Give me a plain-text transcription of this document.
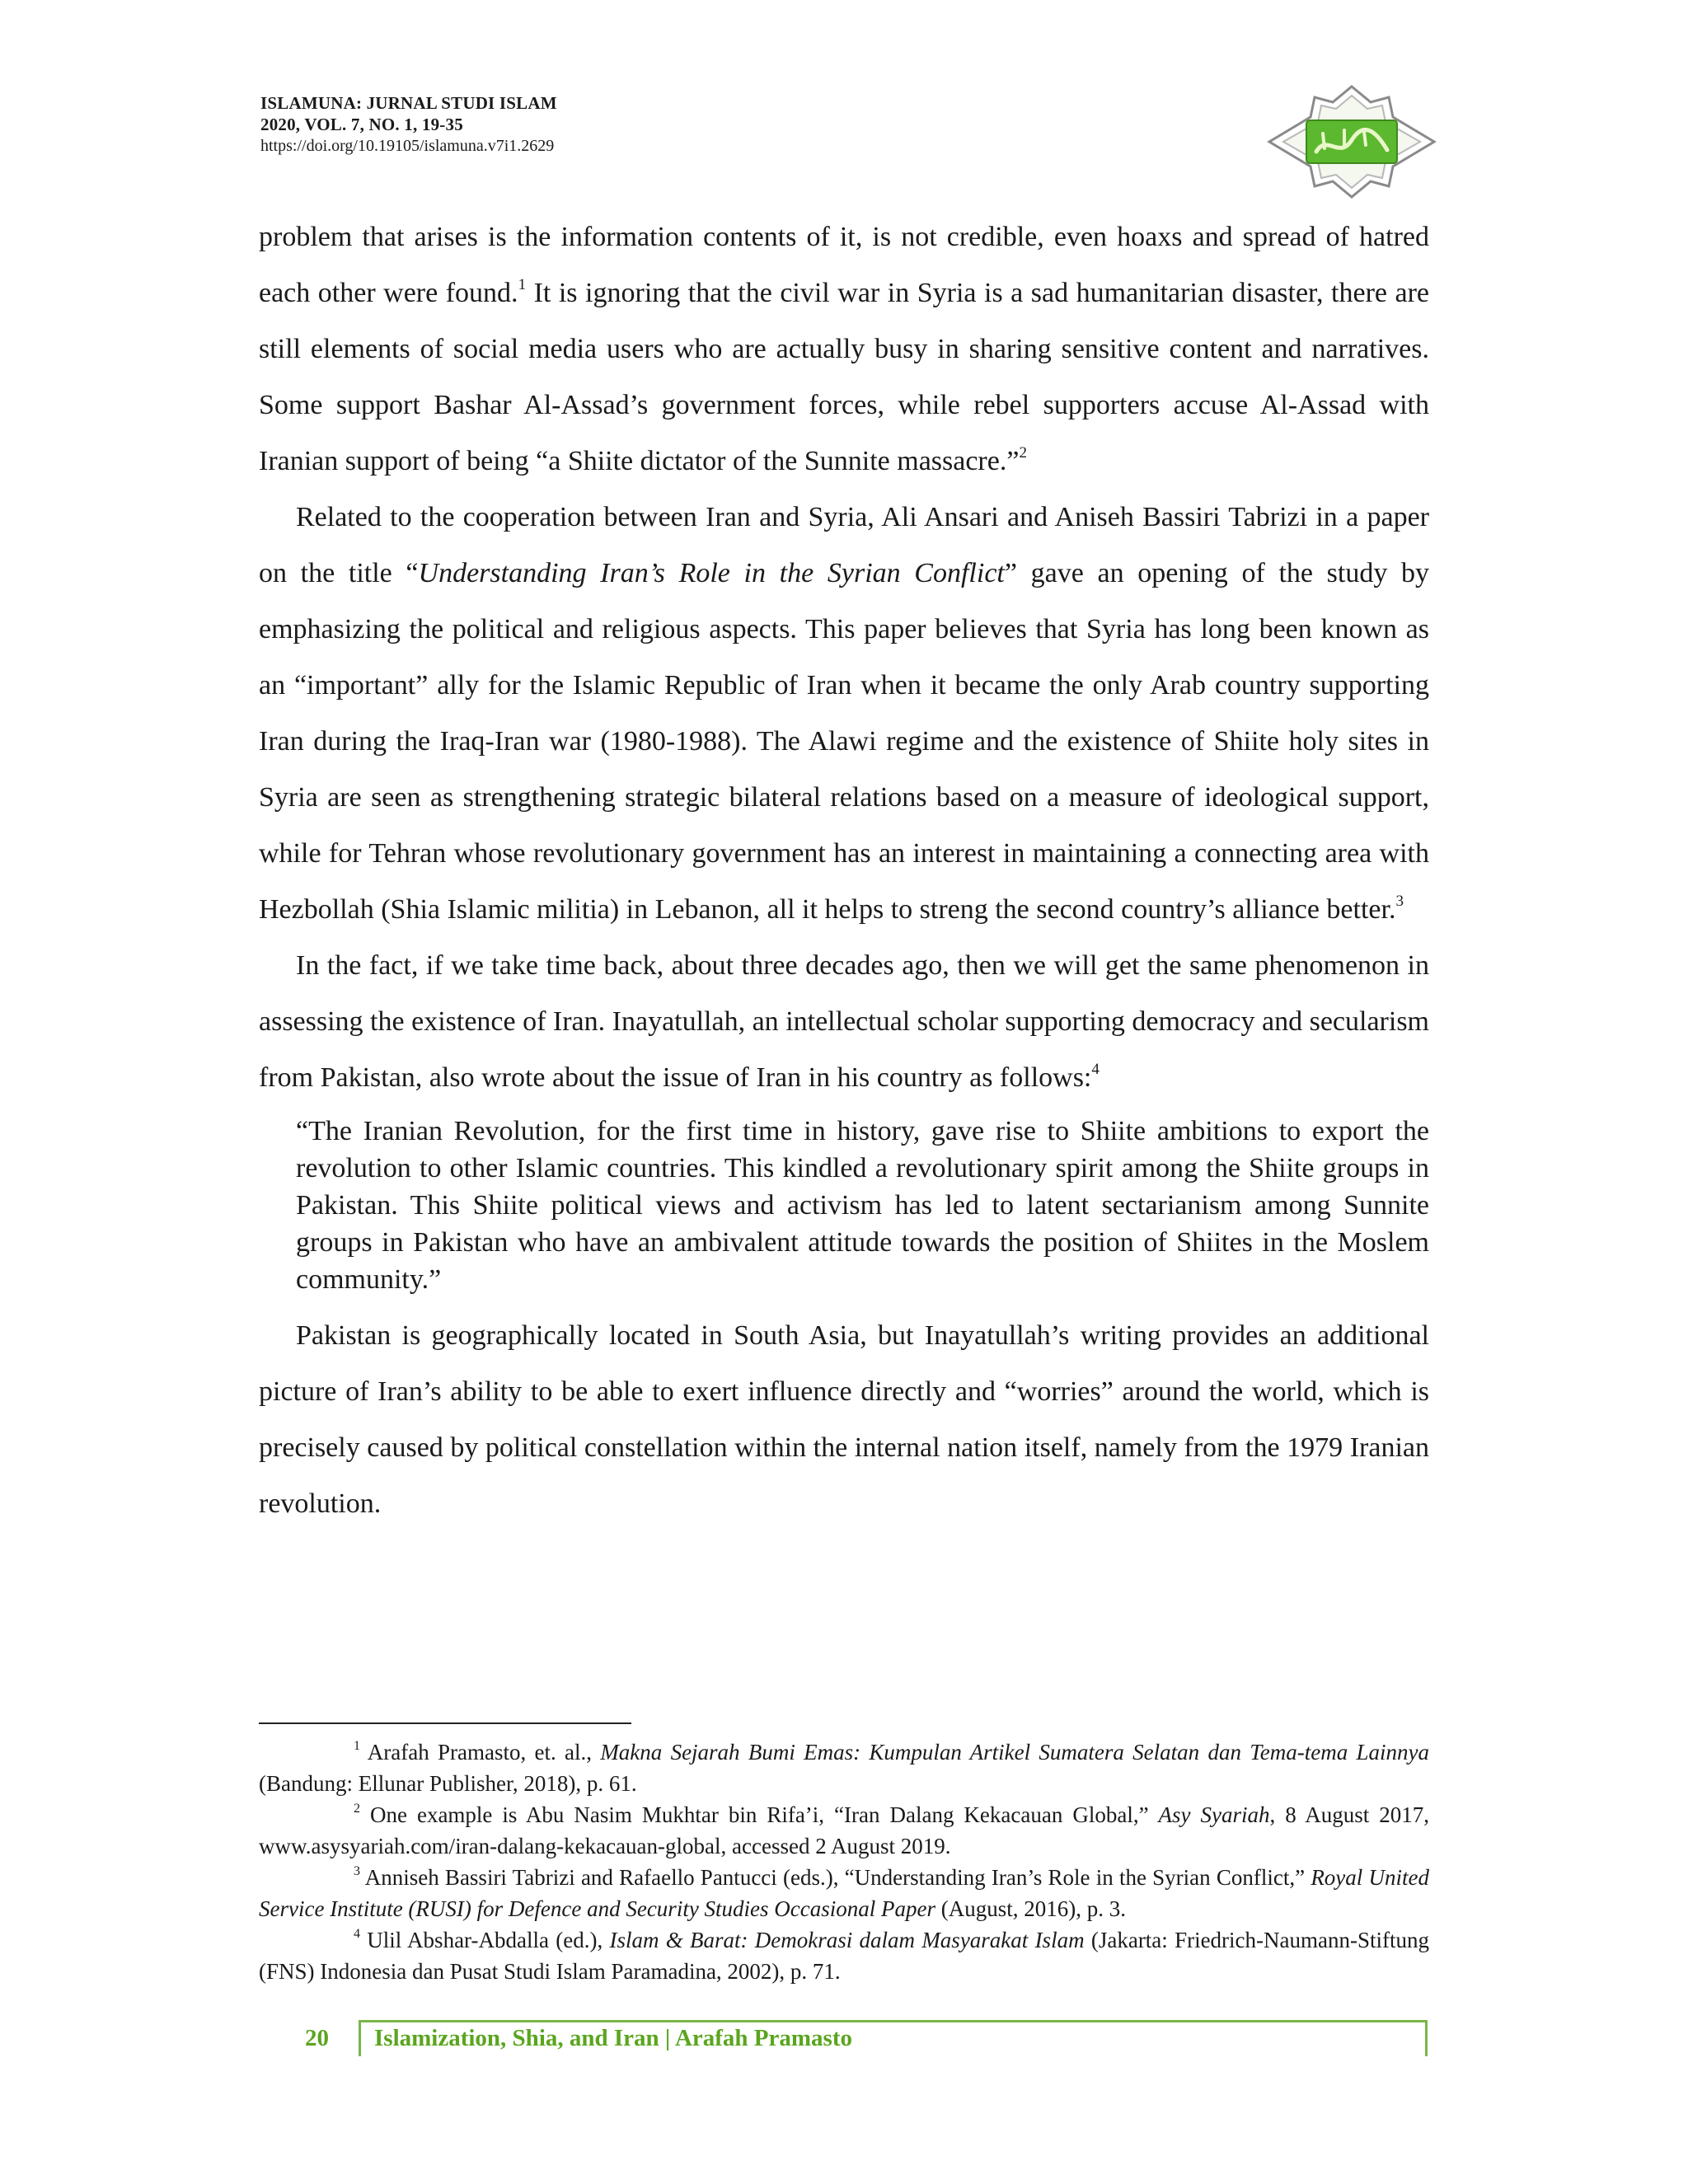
ISLAMUNA: JURNAL STUDI ISLAM
2020, VOL. 7, NO. 1, 19-35
https://doi.org/10.19105/islamuna.v7i1.2629

problem that arises is the information contents of it, is not credible, even hoaxs and spread of hatred each other were found.$^1$ It is ignoring that the civil war in Syria is a sad humanitarian disaster, there are still elements of social media users who are actually busy in sharing sensitive content and narratives. Some support Bashar Al-Assad’s government forces, while rebel supporters accuse Al-Assad with Iranian support of being “a Shiite dictator of the Sunnite massacre.”$^2$

Related to the cooperation between Iran and Syria, Ali Ansari and Aniseh Bassiri Tabrizi in a paper on the title “Understanding Iran’s Role in the Syrian Conflict” gave an opening of the study by emphasizing the political and religious aspects. This paper believes that Syria has long been known as an “important” ally for the Islamic Republic of Iran when it became the only Arab country supporting Iran during the Iraq-Iran war (1980-1988). The Alawi regime and the existence of Shiite holy sites in Syria are seen as strengthening strategic bilateral relations based on a measure of ideological support, while for Tehran whose revolutionary government has an interest in maintaining a connecting area with Hezbollah (Shia Islamic militia) in Lebanon, all it helps to streng the second country’s alliance better.$^3$

In the fact, if we take time back, about three decades ago, then we will get the same phenomenon in assessing the existence of Iran. Inayatullah, an intellectual scholar supporting democracy and secularism from Pakistan, also wrote about the issue of Iran in his country as follows:$^4$

“The Iranian Revolution, for the first time in history, gave rise to Shiite ambitions to export the revolution to other Islamic countries. This kindled a revolutionary spirit among the Shiite groups in Pakistan. This Shiite political views and activism has led to latent sectarianism among Sunnite groups in Pakistan who have an ambivalent attitude towards the position of Shiites in the Moslem community.”

Pakistan is geographically located in South Asia, but Inayatullah’s writing provides an additional picture of Iran’s ability to be able to exert influence directly and “worries” around the world, which is precisely caused by political constellation within the internal nation itself, namely from the 1979 Iranian revolution.

$^1$ Arafah Pramasto, et. al., Makna Sejarah Bumi Emas: Kumpulan Artikel Sumatera Selatan dan Tema-tema Lainnya (Bandung: Ellunar Publisher, 2018), p. 61.

$^2$ One example is Abu Nasim Mukhtar bin Rifa’i, “Iran Dalang Kekacauan Global,” Asy Syariah, 8 August 2017, www.asysyariah.com/iran-dalang-kekacauan-global, accessed 2 August 2019.

$^3$ Anniseh Bassiri Tabrizi and Rafaello Pantucci (eds.), “Understanding Iran’s Role in the Syrian Conflict,” Royal United Service Institute (RUSI) for Defence and Security Studies Occasional Paper (August, 2016), p. 3.

$^4$ Ulil Abshar-Abdalla (ed.), Islam & Barat: Demokrasi dalam Masyarakat Islam (Jakarta: Friedrich-Naumann-Stiftung (FNS) Indonesia dan Pusat Studi Islam Paramadina, 2002), p. 71.

20 Islamization, Shia, and Iran | Arafah Pramasto
